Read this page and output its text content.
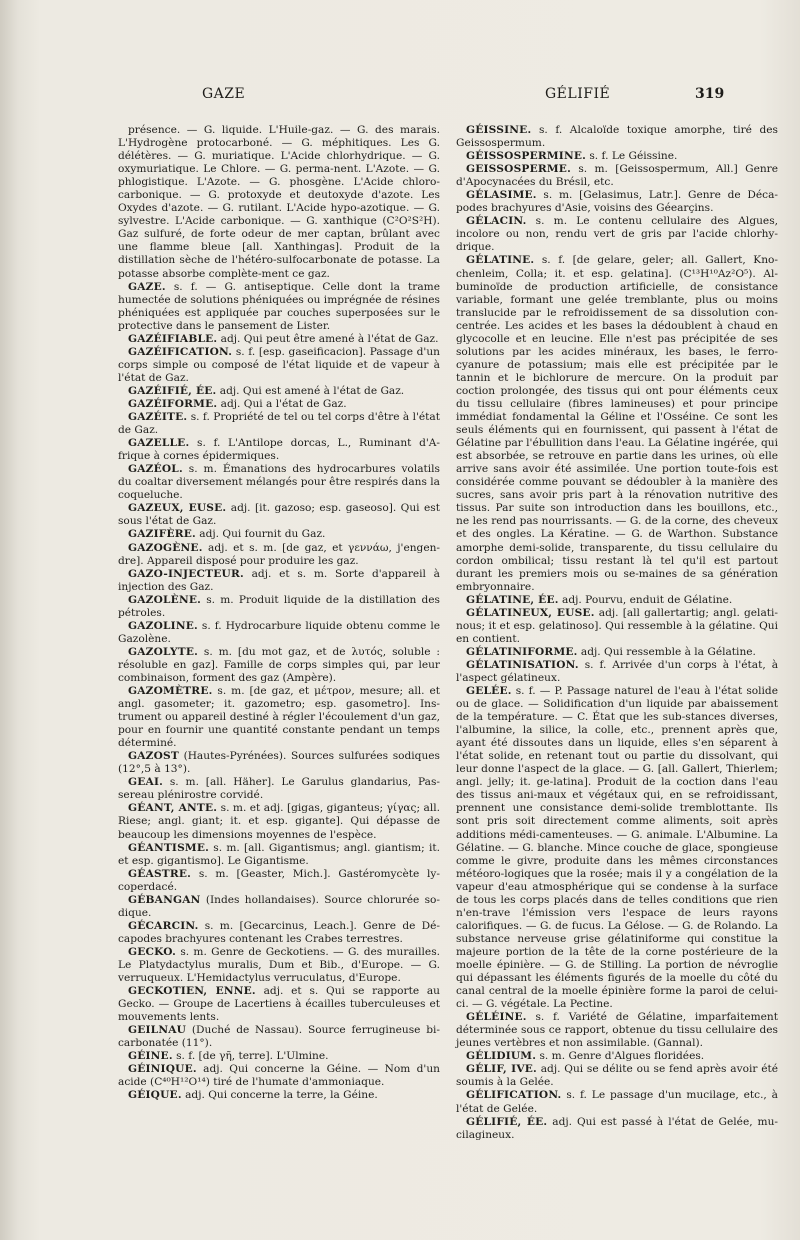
GAZE	GÉLIFIÉ	319

présence. — G. liquide. L'Huile-gaz. — G. des marais. L'Hydrogène protocarboné. — G. méphitiques. Les G. délétères. — G. muriatique. L'Acide chlorhydrique. — G. oxymuriatique. Le Chlore. — G. perma-nent. L'Azote. — G. phlogistique. L'Azote. — G. phosgène. L'Acide chloro-carbonique. — G. protoxyde et deutoxyde d'azote. Les Oxydes d'azote. — G. rutilant. L'Acide hypo-azotique. — G. sylvestre. L'Acide carbonique. — G. xanthique (C²O²S²H). Gaz sulfuré, de forte odeur de mer captan, brûlant avec une flamme bleue [all. Xanthingas]. Produit de la distillation sèche de l'hétéro-sulfocarbonate de potasse. La potasse absorbe complète-ment ce gaz.

GAZE. s. f. — G. antiseptique. Celle dont la trame humectée de solutions phéniquées ou imprégnée de résines phéniquées est appliquée par couches superposées sur le protective dans le pansement de Lister.

GAZÉIFIABLE. adj. Qui peut être amené à l'état de Gaz.

GAZÉIFICATION. s. f. [esp. gaseificacion]. Passage d'un corps simple ou composé de l'état liquide et de vapeur à l'état de Gaz.

GAZÉIFIÉ, ÉE. adj. Qui est amené à l'état de Gaz.

GAZÉIFORME. adj. Qui a l'état de Gaz.

GAZÉITE. s. f. Propriété de tel ou tel corps d'être à l'état de Gaz.

GAZELLE. s. f. L'Antilope dorcas, L., Ruminant d'A-frique à cornes épidermiques.

GAZÉOL. s. m. Émanations des hydrocarbures volatils du coaltar diversement mélangés pour être respirés dans la coqueluche.

GAZEUX, EUSE. adj. [it. gazoso; esp. gaseoso]. Qui est sous l'état de Gaz.

GAZIFÈRE. adj. Qui fournit du Gaz.

GAZOGÈNE. adj. et s. m. [de gaz, et γεννάω, j'engen-dre]. Appareil disposé pour produire les gaz.

GAZO-INJECTEUR. adj. et s. m. Sorte d'appareil à injection des Gaz.

GAZOLÈNE. s. m. Produit liquide de la distillation des pétroles.

GAZOLINE. s. f. Hydrocarbure liquide obtenu comme le Gazolène.

GAZOLYTE. s. m. [du mot gaz, et de λυτός, soluble : résoluble en gaz]. Famille de corps simples qui, par leur combinaison, forment des gaz (Ampère).

GAZOMÈTRE. s. m. [de gaz, et μέτρον, mesure; all. et angl. gasometer; it. gazometro; esp. gasometro]. Ins-trument ou appareil destiné à régler l'écoulement d'un gaz, pour en fournir une quantité constante pendant un temps déterminé.

GAZOST (Hautes-Pyrénées). Sources sulfurées sodiques (12°,5 à 13°).

GEAI. s. m. [all. Häher]. Le Garulus glandarius, Pas-sereau plénirostre corvidé.

GÉANT, ANTE. s. m. et adj. [gigas, giganteus; γίγας; all. Riese; angl. giant; it. et esp. gigante]. Qui dépasse de beaucoup les dimensions moyennes de l'espèce.

GÉANTISME. s. m. [all. Gigantismus; angl. giantism; it. et esp. gigantismo]. Le Gigantisme.

GÉASTRE. s. m. [Geaster, Mich.]. Gastéromycète ly-coperdacé.

GÉBANGAN (Indes hollandaises). Source chlorurée so-dique.

GÉCARCIN. s. m. [Gecarcinus, Leach.]. Genre de Dé-capodes brachyures contenant les Crabes terrestres.

GECKO. s. m. Genre de Geckotiens. — G. des murailles. Le Platydactylus muralis, Dum et Bib., d'Europe. — G. verruqueux. L'Hemidactylus verruculatus, d'Europe.

GECKOTIEN, ENNE. adj. et s. Qui se rapporte au Gecko. — Groupe de Lacertiens à écailles tuberculeuses et mouvements lents.

GEILNAU (Duché de Nassau). Source ferrugineuse bi-carbonatée (11°).

GÉINE. s. f. [de γῆ, terre]. L'Ulmine.

GÉINIQUE. adj. Qui concerne la Géine. — Nom d'un acide (C⁴⁰H¹²O¹⁴) tiré de l'humate d'ammoniaque.

GÉIQUE. adj. Qui concerne la terre, la Géine.

GÉISSINE. s. f. Alcaloïde toxique amorphe, tiré des Geissospermum.

GÉISSOSPERMINE. s. f. Le Géissine.

GEISSOSPERME. s. m. [Geissospermum, All.] Genre d'Apocynacées du Brésil, etc.

GÉLASIME. s. m. [Gelasimus, Latr.]. Genre de Déca-podes brachyures d'Asie, voisins des Géearçins.

GÉLACIN. s. m. Le contenu cellulaire des Algues, incolore ou non, rendu vert de gris par l'acide chlorhy-drique.

GÉLATINE. s. f. [de gelare, geler; all. Gallert, Kno-chenleim, Colla; it. et esp. gelatina]. (C¹³H¹⁰Az²O⁵). Al-buminoïde de production artificielle, de consistance variable, formant une gelée tremblante, plus ou moins translucide par le refroidissement de sa dissolution con-centrée. Les acides et les bases la dédoublent à chaud en glycocolle et en leucine. Elle n'est pas précipitée de ses solutions par les acides minéraux, les bases, le ferro-cyanure de potassium; mais elle est précipitée par le tannin et le bichlorure de mercure. On la produit par coction prolongée, des tissus qui ont pour éléments ceux du tissu cellulaire (fibres lamineuses) et pour principe immédiat fondamental la Géline et l'Osséine. Ce sont les seuls éléments qui en fournissent, qui passent à l'état de Gélatine par l'ébullition dans l'eau. La Gélatine ingérée, qui est absorbée, se retrouve en partie dans les urines, où elle arrive sans avoir été assimilée. Une portion toute-fois est considérée comme pouvant se dédoubler à la manière des sucres, sans avoir pris part à la rénovation nutritive des tissus. Par suite son introduction dans les bouillons, etc., ne les rend pas nourrissants. — G. de la corne, des cheveux et des ongles. La Kératine. — G. de Warthon. Substance amorphe demi-solide, transparente, du tissu cellulaire du cordon ombilical; tissu restant là tel qu'il est partout durant les premiers mois ou se-maines de sa génération embryonnaire.

GÉLATINE, ÉE. adj. Pourvu, enduit de Gélatine.

GÉLATINEUX, EUSE. adj. [all gallertartig; angl. gelati-nous; it et esp. gelatinoso]. Qui ressemble à la gélatine. Qui en contient.

GÉLATINIFORME. adj. Qui ressemble à la Gélatine.

GÉLATINISATION. s. f. Arrivée d'un corps à l'état, à l'aspect gélatineux.

GELÉE. s. f. — P. Passage naturel de l'eau à l'état solide ou de glace. — Solidification d'un liquide par abaissement de la température. — C. État que les sub-stances diverses, l'albumine, la silice, la colle, etc., prennent après que, ayant été dissoutes dans un liquide, elles s'en séparent à l'état solide, en retenant tout ou partie du dissolvant, qui leur donne l'aspect de la glace. — G. [all. Gallert, Thierlem; angl. jelly; it. ge-latina]. Produit de la coction dans l'eau des tissus ani-maux et végétaux qui, en se refroidissant, prennent une consistance demi-solide tremblottante. Ils sont pris soit directement comme aliments, soit après additions médi-camenteuses. — G. animale. L'Albumine. La Gélatine. — G. blanche. Mince couche de glace, spongieuse comme le givre, produite dans les mêmes circonstances météoro-logiques que la rosée; mais il y a congélation de la vapeur d'eau atmosphérique qui se condense à la surface de tous les corps placés dans de telles conditions que rien n'en-trave l'émission vers l'espace de leurs rayons calorifiques. — G. de fucus. La Gélose. — G. de Rolando. La substance nerveuse grise gélatiniforme qui constitue la majeure portion de la tête de la corne postérieure de la moelle épinière. — G. de Stilling. La portion de névroglie qui dépassant les éléments figurés de la moelle du côté du canal central de la moelle épinière forme la paroi de celui-ci. — G. végétale. La Pectine.

GÉLÉINE. s. f. Variété de Gélatine, imparfaitement déterminée sous ce rapport, obtenue du tissu cellulaire des jeunes vertèbres et non assimilable. (Gannal).

GÉLIDIUM. s. m. Genre d'Algues floridées.

GÉLIF, IVE. adj. Qui se délite ou se fend après avoir été soumis à la Gelée.

GÉLIFICATION. s. f. Le passage d'un mucilage, etc., à l'état de Gelée.

GÉLIFIÉ, ÉE. adj. Qui est passé à l'état de Gelée, mu-cilagineux.
